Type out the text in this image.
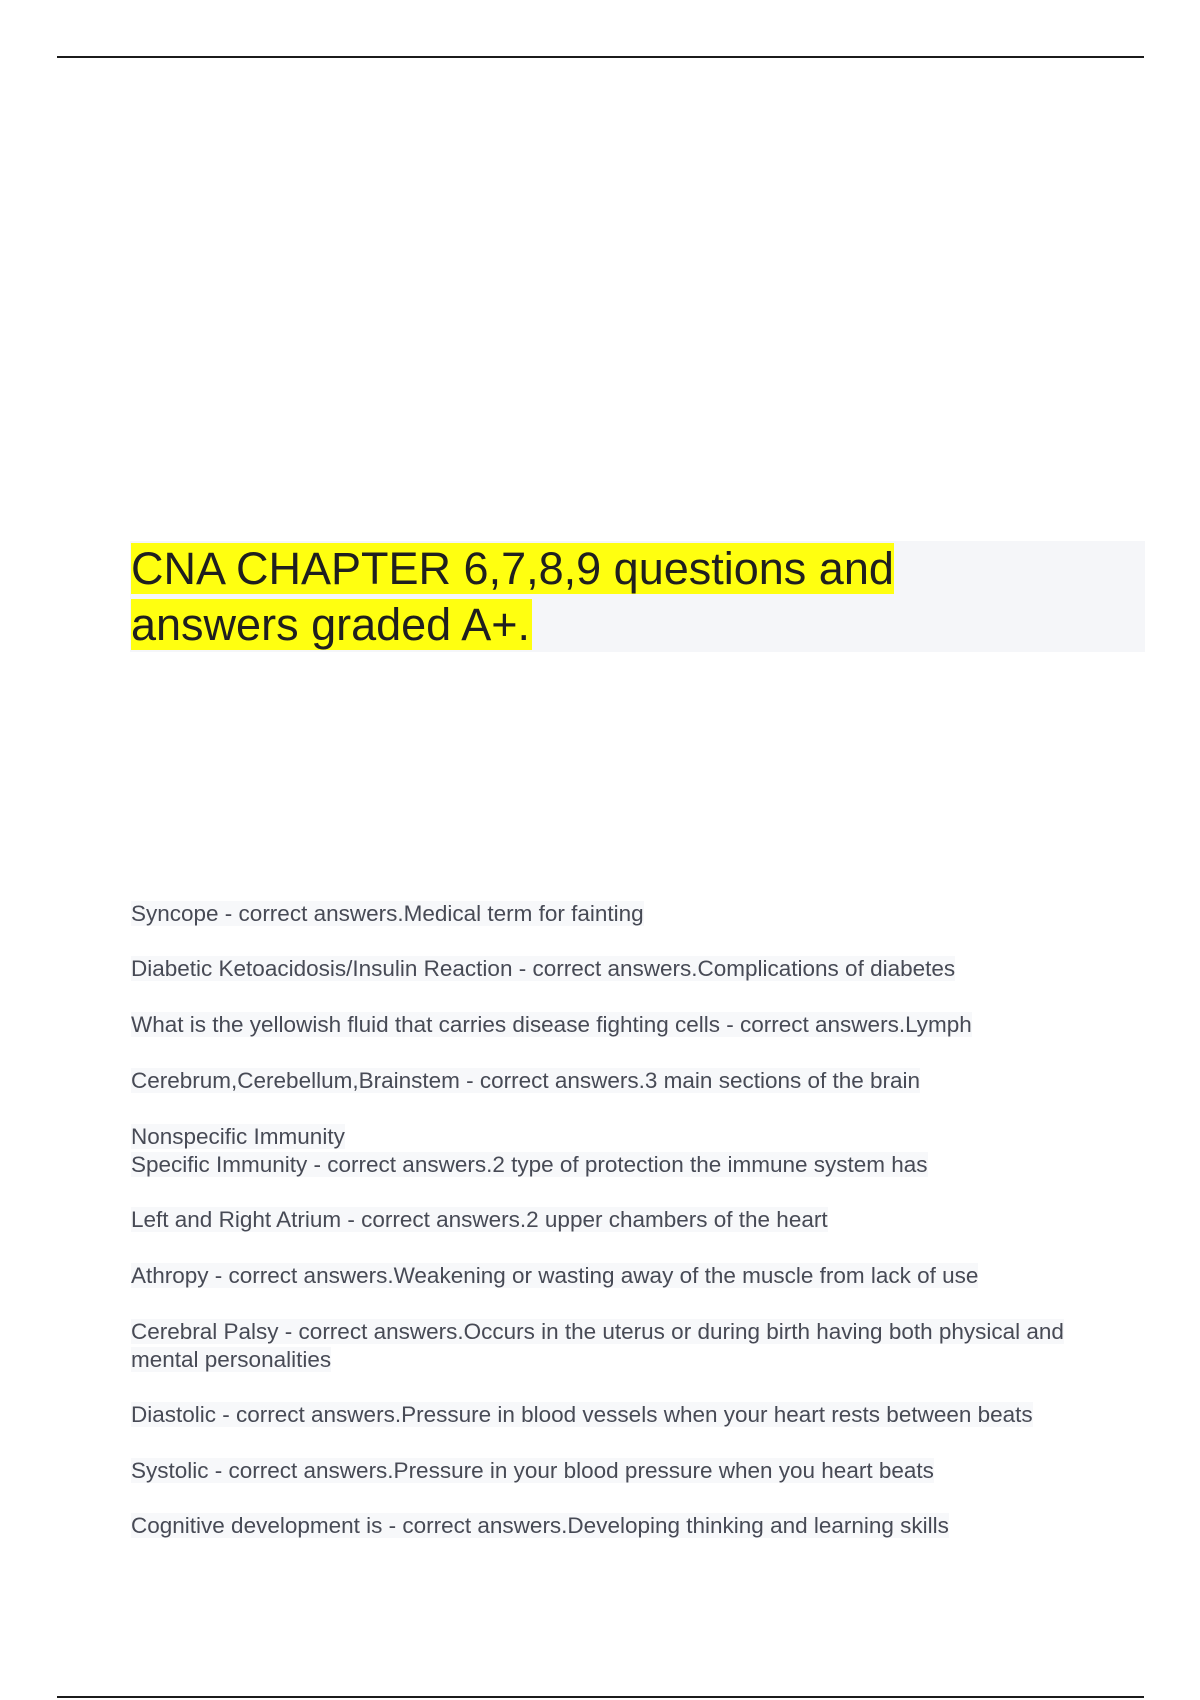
CNA CHAPTER 6,7,8,9 questions and answers graded A+.

Syncope - correct answers.Medical term for fainting

Diabetic Ketoacidosis/Insulin Reaction - correct answers.Complications of diabetes

What is the yellowish fluid that carries disease fighting cells - correct answers.Lymph

Cerebrum,Cerebellum,Brainstem - correct answers.3 main sections of the brain

Nonspecific Immunity
Specific Immunity - correct answers.2 type of protection the immune system has

Left and Right Atrium - correct answers.2 upper chambers of the heart

Athropy - correct answers.Weakening or wasting away of the muscle from lack of use

Cerebral Palsy - correct answers.Occurs in the uterus or during birth having both physical and
mental personalities

Diastolic - correct answers.Pressure in blood vessels when your heart rests between beats

Systolic - correct answers.Pressure in your blood pressure when you heart beats

Cognitive development is - correct answers.Developing thinking and learning skills
